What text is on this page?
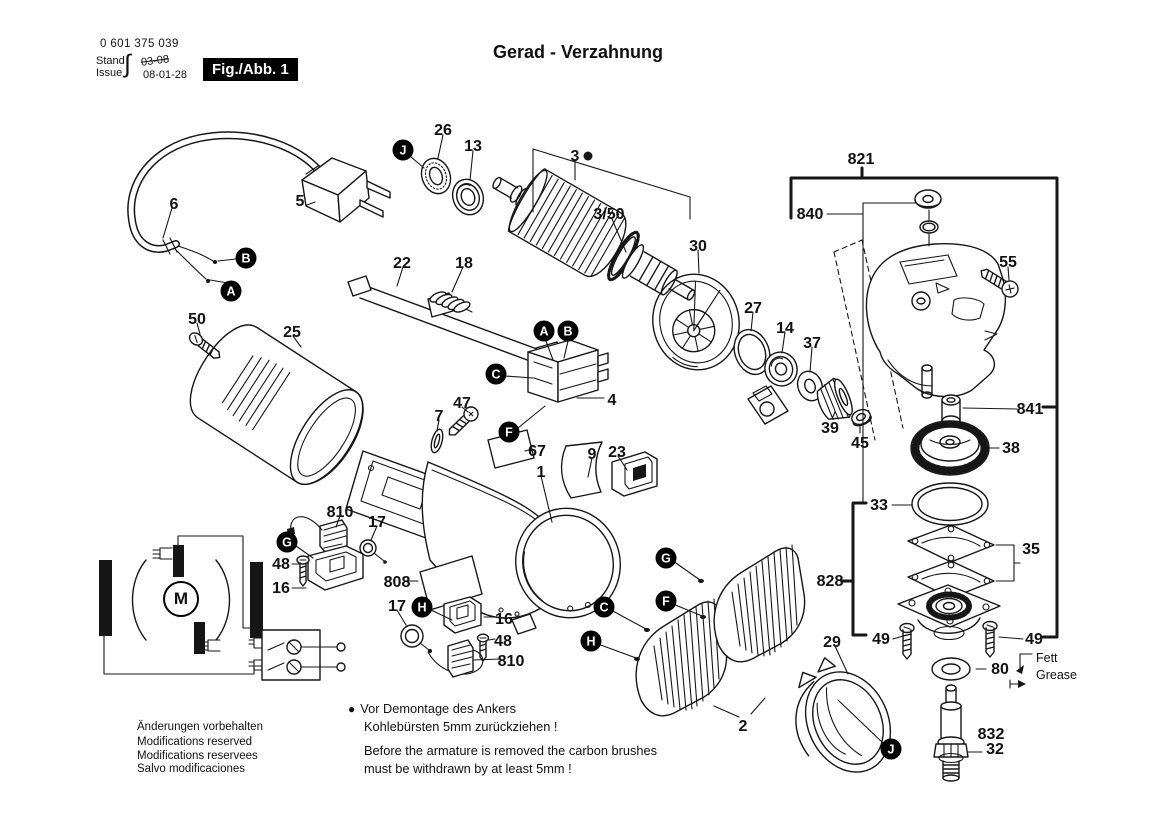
0 601 375 039
Stand
Issue ∫ 03-08
08-01-28	Fig./Abb. 1
Gerad - Verzahnung
26
13
3
3/50
821
840
55
5
6
22	18
30
27
14
37
50
25
4
841
39
45	38
7
47
67
1
9 23
33
35
810
17
48
16	808	828
49	49
29
80
17
16
48
810
2	832
32
J
B
A
A	B
C
F
G
H
G
F
C
H
J
M

Fett

Grease

● Vor Demontage des Ankers
Kohlebürsten 5mm zurückziehen !
Before the armature is removed the carbon brushes
must be withdrawn by at least 5mm !

Änderungen vorbehalten

Modifications reserved

Modifications reservees

Salvo modificaciones
